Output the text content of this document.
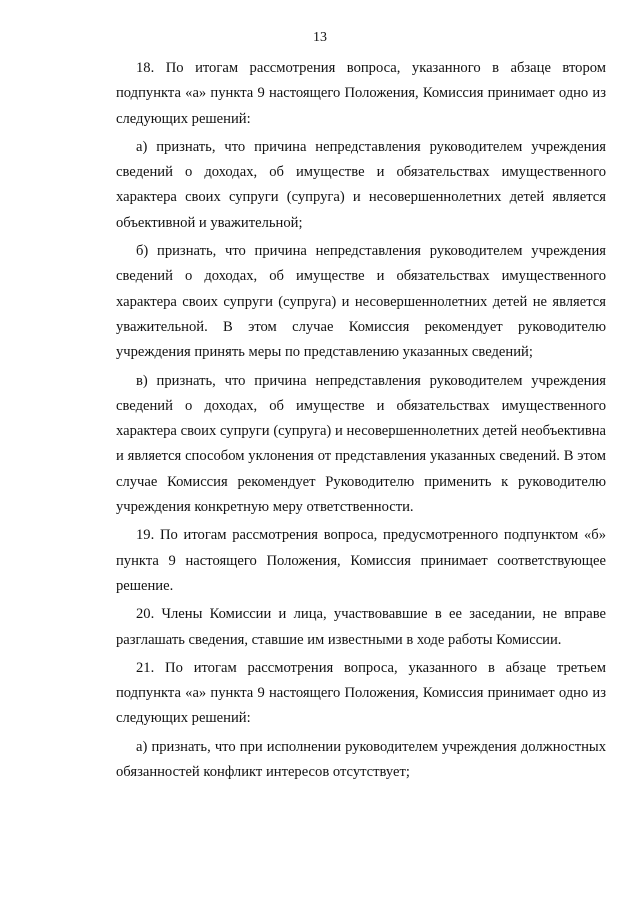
13

18. По итогам рассмотрения вопроса, указанного в абзаце втором подпункта «а» пункта 9 настоящего Положения, Комиссия принимает одно из следующих решений:

а) признать, что причина непредставления руководителем учреждения сведений о доходах, об имуществе и обязательствах имущественного характера своих супруги (супруга) и несовершеннолетних детей является объективной и уважительной;

б) признать, что причина непредставления руководителем учреждения сведений о доходах, об имуществе и обязательствах имущественного характера своих супруги (супруга) и несовершеннолетних детей не является уважительной. В этом случае Комиссия рекомендует руководителю учреждения принять меры по представлению указанных сведений;

в) признать, что причина непредставления руководителем учреждения сведений о доходах, об имуществе и обязательствах имущественного характера своих супруги (супруга) и несовершеннолетних детей необъективна и является способом уклонения от представления указанных сведений. В этом случае Комиссия рекомендует Руководителю применить к руководителю учреждения конкретную меру ответственности.

19. По итогам рассмотрения вопроса, предусмотренного подпунктом «б» пункта 9 настоящего Положения, Комиссия принимает соответствующее решение.

20. Члены Комиссии и лица, участвовавшие в ее заседании, не вправе разглашать сведения, ставшие им известными в ходе работы Комиссии.

21. По итогам рассмотрения вопроса, указанного в абзаце третьем подпункта «а» пункта 9 настоящего Положения, Комиссия принимает одно из следующих решений:

а) признать, что при исполнении руководителем учреждения должностных обязанностей конфликт интересов отсутствует;
